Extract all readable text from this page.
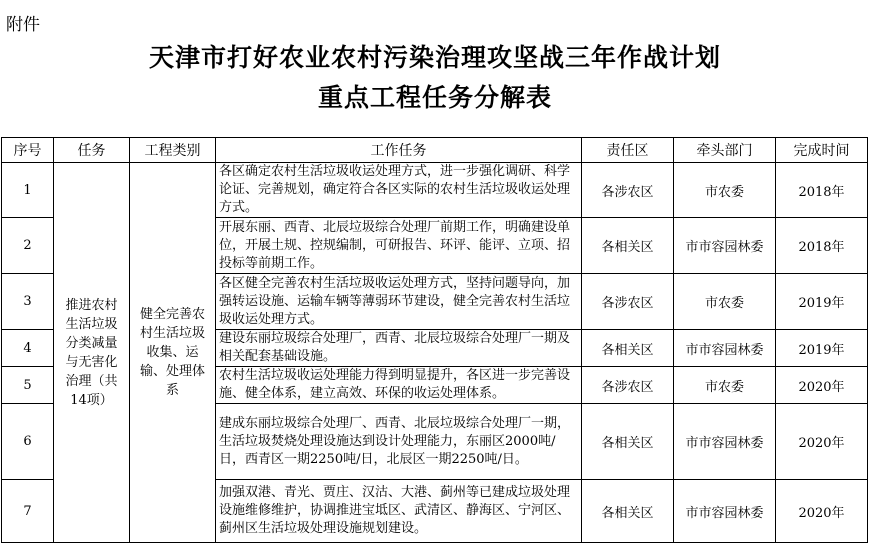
附件
天津市打好农业农村污染治理攻坚战三年作战计划
重点工程任务分解表
序号	任务	工程类别	工作任务	责任区	牵头部门	完成时间
1	推进农村生活垃圾分类减量与无害化治理（共14项）	健全完善农村生活垃圾收集、运输、处理体系	各区确定农村生活垃圾收运处理方式，进一步强化调研、科学论证、完善规划，确定符合各区实际的农村生活垃圾收运处理方式。	各涉农区	市农委	2018年
2			开展东丽、西青、北辰垃圾综合处理厂前期工作，明确建设单位，开展土规、控规编制，可研报告、环评、能评、立项、招投标等前期工作。	各相关区	市市容园林委	2018年
3			各区健全完善农村生活垃圾收运处理方式，坚持问题导向，加强转运设施、运输车辆等薄弱环节建设，健全完善农村生活垃圾收运处理方式。	各涉农区	市农委	2019年
4			建设东丽垃圾综合处理厂，西青、北辰垃圾综合处理厂一期及相关配套基础设施。	各相关区	市市容园林委	2019年
5			农村生活垃圾收运处理能力得到明显提升，各区进一步完善设施、健全体系，建立高效、环保的收运处理体系。	各涉农区	市农委	2020年
6			建成东丽垃圾综合处理厂、西青、北辰垃圾综合处理厂一期，生活垃圾焚烧处理设施达到设计处理能力，东丽区2000吨/日，西青区一期2250吨/日，北辰区一期2250吨/日。	各相关区	市市容园林委	2020年
7			加强双港、青光、贾庄、汉沽、大港、蓟州等已建成垃圾处理设施维修维护，协调推进宝坻区、武清区、静海区、宁河区、蓟州区生活垃圾处理设施规划建设。	各相关区	市市容园林委	2020年
